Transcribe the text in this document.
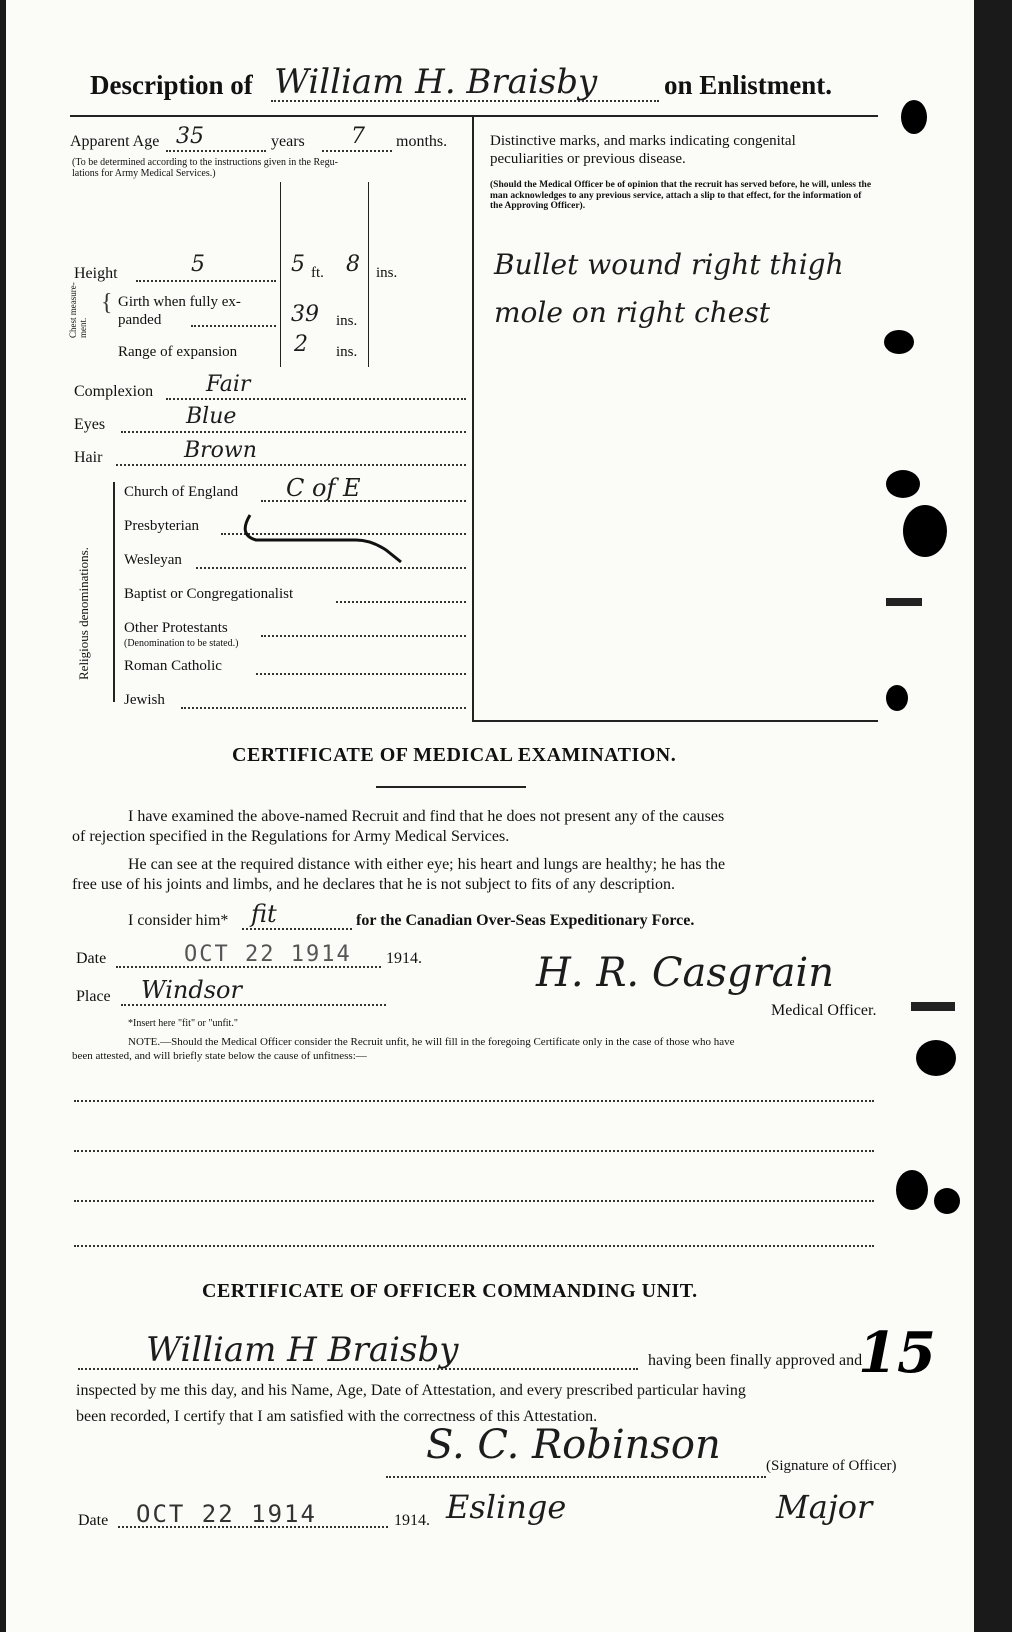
Description of William H. Braisby on Enlistment.
Apparent Age 35	years 7 months.
(To be determined according to the instructions given in the Regu-
lations for Army Medical Services.)
Height	5	5 ft. 8 ins.
Chest measure-ment.
{ Girth when fully ex-
panded	39 ins.
Range of expansion	2 ins.
Complexion Fair
Eyes	Blue
Hair	Brown
Religious denominations.
Church of England C of E
Presbyterian
Wesleyan
Baptist or Congregationalist
Other Protestants
(Denomination to be stated.)
Roman Catholic
Jewish
Distinctive marks, and marks indicating congenital peculiarities or previous disease.
(Should the Medical Officer be of opinion that the recruit has served before, he will, unless the man acknowledges to any previous service, attach a slip to that effect, for the information of the Approving Officer).
Bullet wound right thigh
mole on right chest
CERTIFICATE OF MEDICAL EXAMINATION.
I have examined the above-named Recruit and find that he does not present any of the causes
of rejection specified in the Regulations for Army Medical Services.
He can see at the required distance with either eye; his heart and lungs are healthy; he has the
free use of his joints and limbs, and he declares that he is not subject to fits of any description.
I consider him* fit	for the Canadian Over-Seas Expeditionary Force.
Date	OCT 22 1914 1914.
Place Windsor	H. R. Casgrain
Medical Officer.
*Insert here "fit" or "unfit."
NOTE.—Should the Medical Officer consider the Recruit unfit, he will fill in the foregoing Certificate only in the case of those who have
been attested, and will briefly state below the cause of unfitness:—
CERTIFICATE OF OFFICER COMMANDING UNIT.
William H Braisby	having been finally approved and
inspected by me this day, and his Name, Age, Date of Attestation, and every prescribed particular having
been recorded, I certify that I am satisfied with the correctness of this Attestation.
S. C. Robinson	(Signature of Officer)
Date OCT 22 1914	1914. Eslinge	Major
15
